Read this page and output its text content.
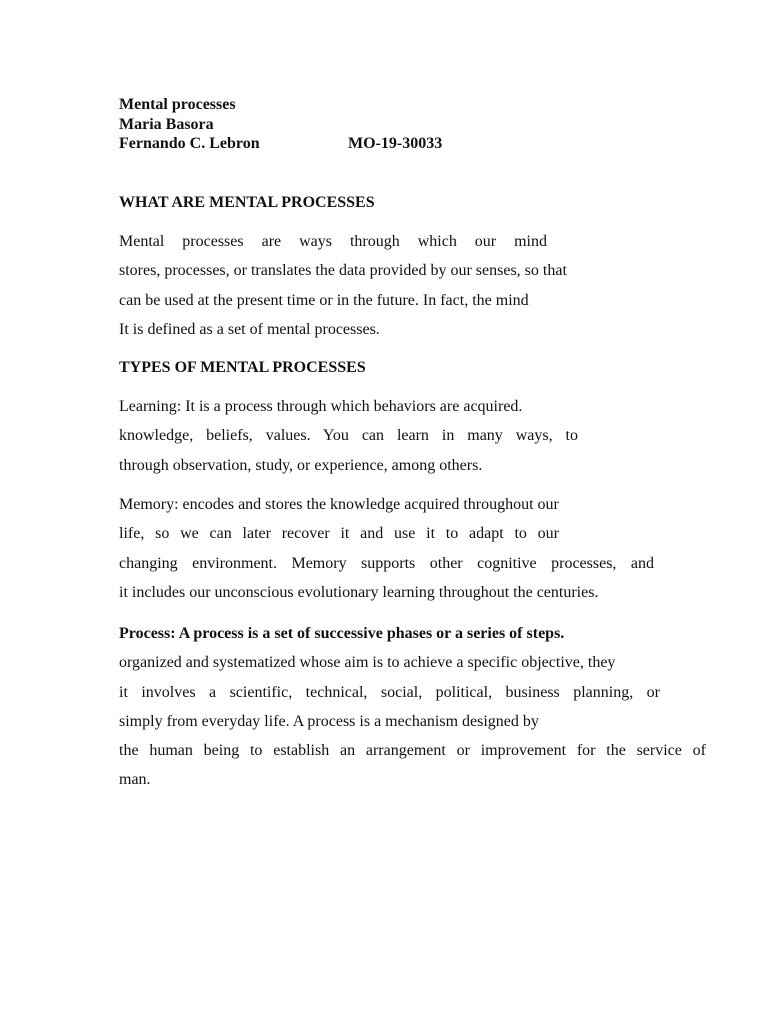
Mental processes
Maria Basora
Fernando C. Lebron	MO-19-30033
WHAT ARE MENTAL PROCESSES
Mental processes are ways through which our mind
stores, processes, or translates the data provided by our senses, so that
can be used at the present time or in the future. In fact, the mind
It is defined as a set of mental processes.
TYPES OF MENTAL PROCESSES
Learning: It is a process through which behaviors are acquired.
knowledge, beliefs, values. You can learn in many ways, to
through observation, study, or experience, among others.
Memory: encodes and stores the knowledge acquired throughout our
life, so we can later recover it and use it to adapt to our
changing environment. Memory supports other cognitive processes, and
it includes our unconscious evolutionary learning throughout the centuries.
Process: A process is a set of successive phases or a series of steps.
organized and systematized whose aim is to achieve a specific objective, they
it involves a scientific, technical, social, political, business planning, or
simply from everyday life. A process is a mechanism designed by
the human being to establish an arrangement or improvement for the service of
man.
